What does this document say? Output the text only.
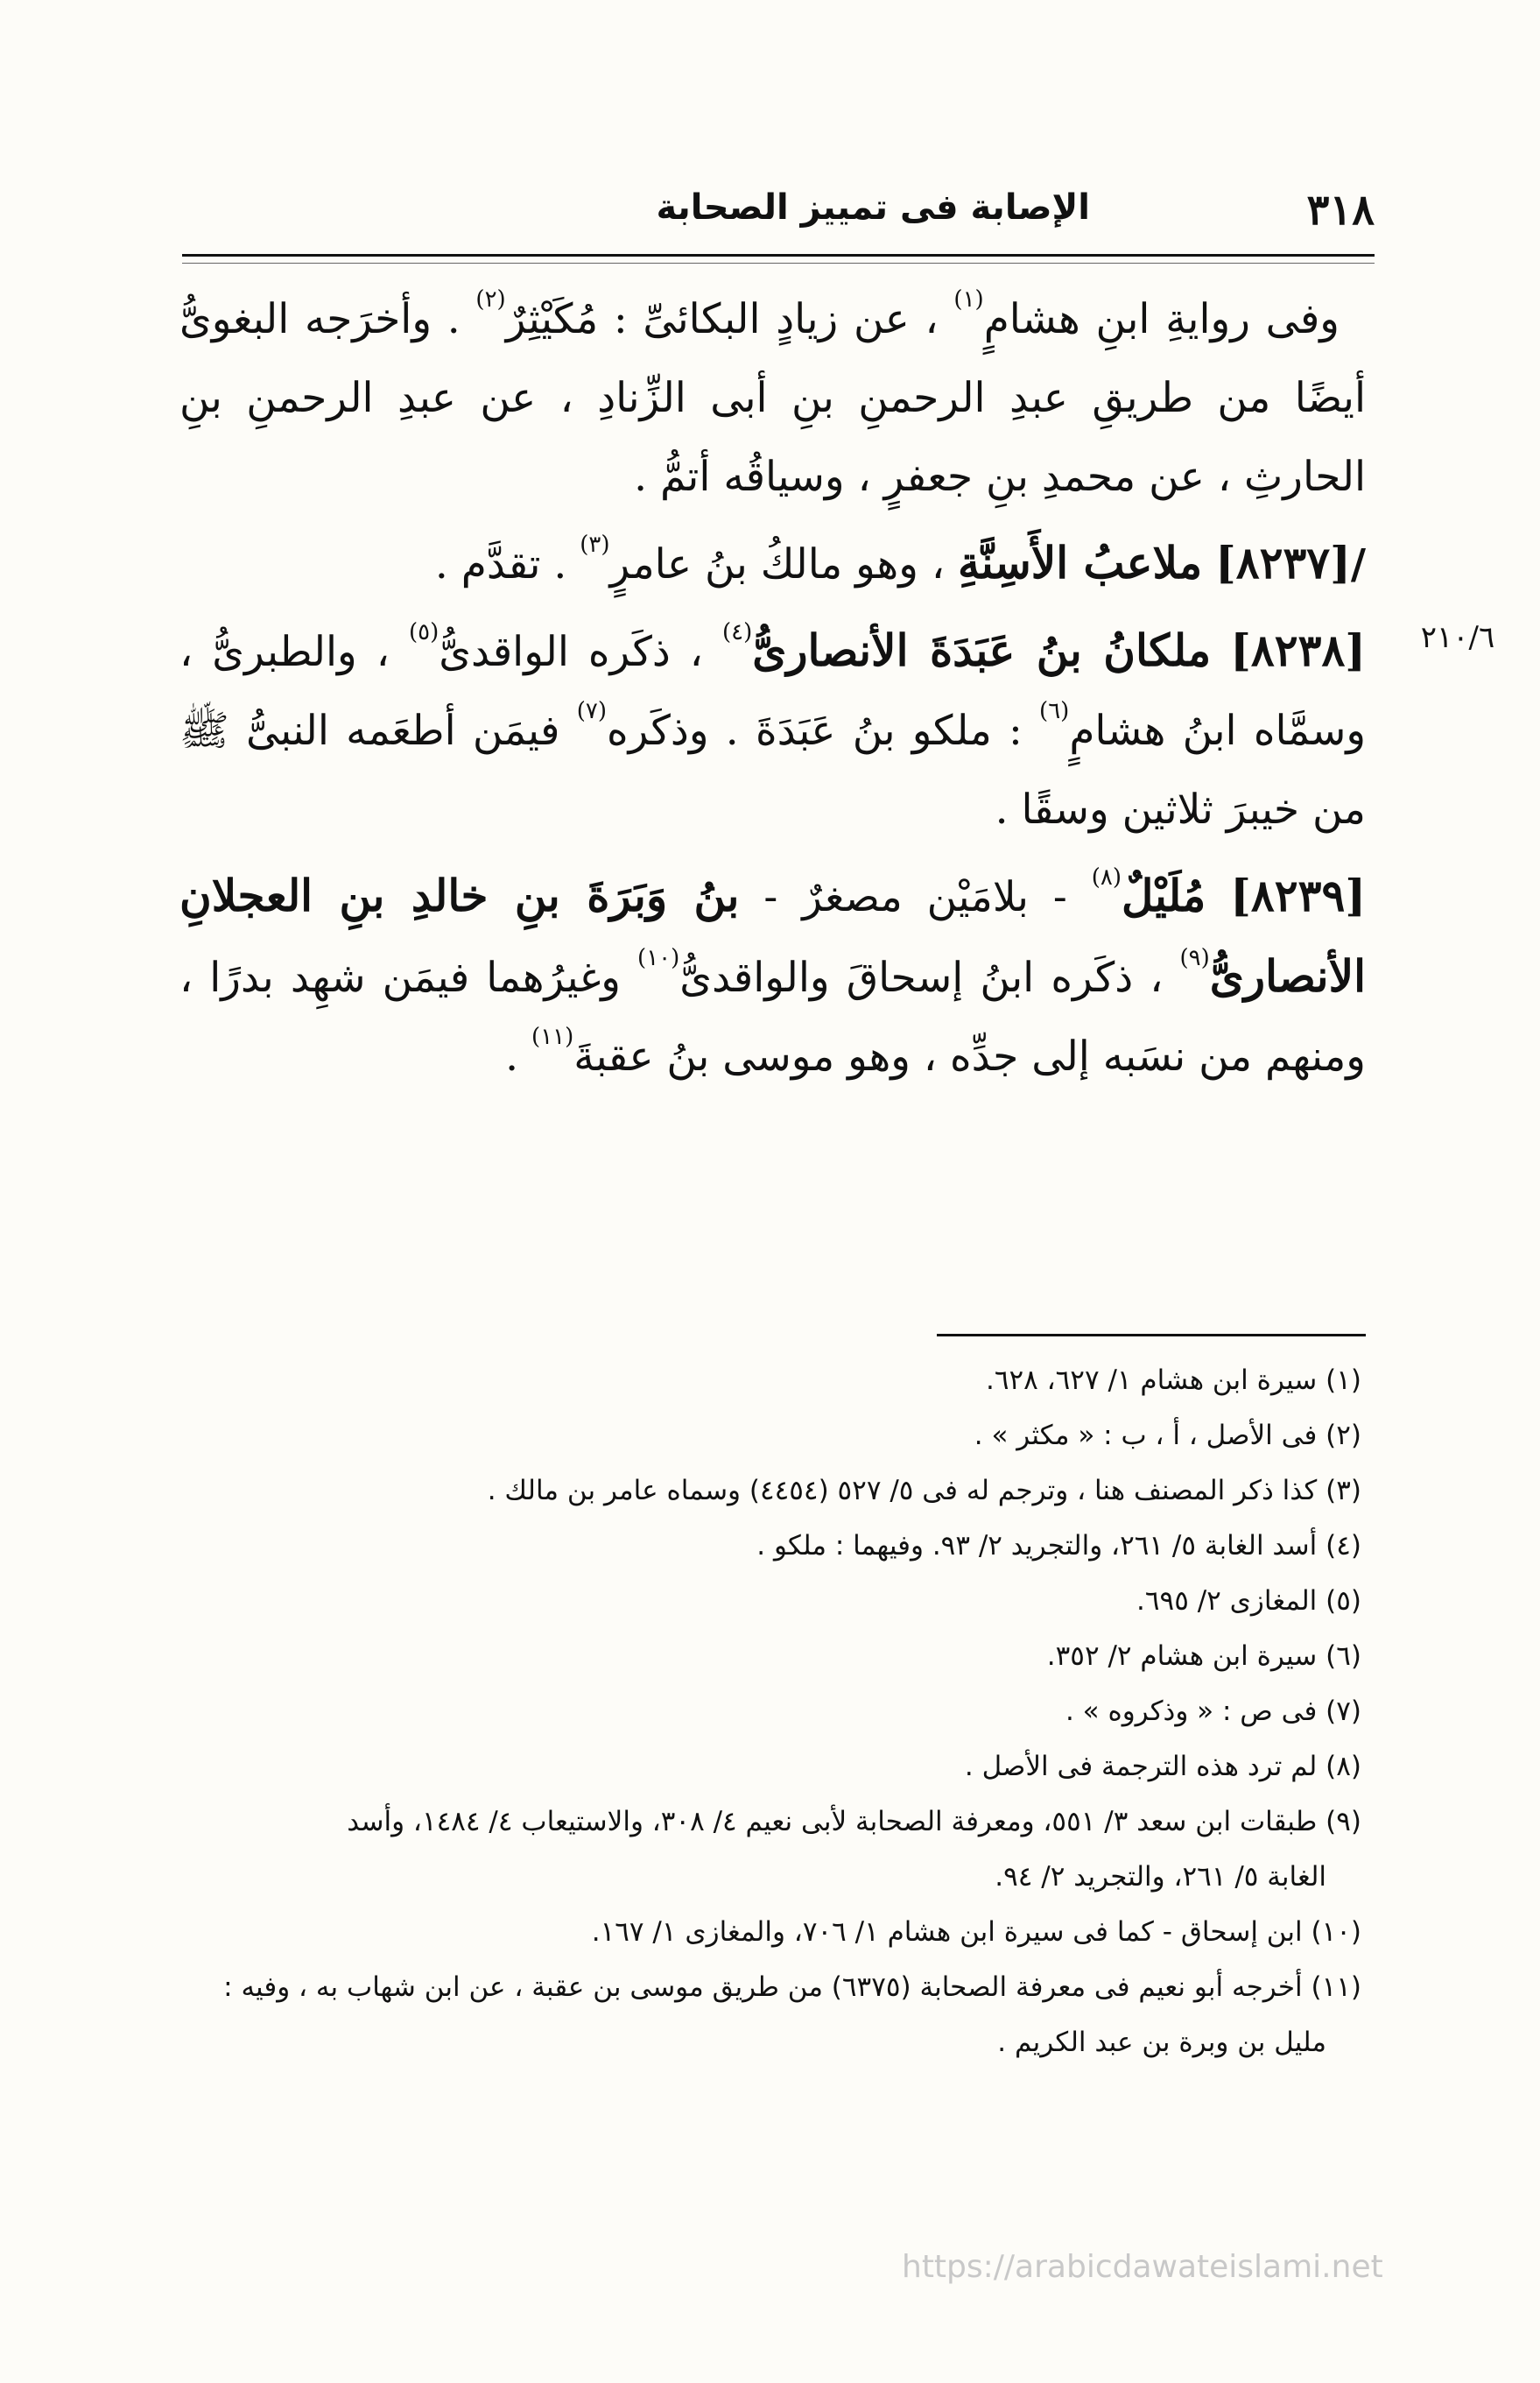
٣١٨
الإصابة فى تمييز الصحابة
٢١٠/٦

وفى روايةِ ابنِ هشامٍ$^{(١)}$ ، عن زيادٍ البكائىِّ : مُكَيْثِرٌ$^{(٢)}$ . وأخرَجه البغوىُّ أيضًا من طريقِ عبدِ الرحمنِ بنِ أبى الزِّنادِ ، عن عبدِ الرحمنِ بنِ الحارثِ ، عن محمدِ بنِ جعفرٍ ، وسياقُه أتمُّ .

/[٨٢٣٧] ملاعبُ الأَسِنَّةِ ، وهو مالكُ بنُ عامرٍ$^{(٣)}$ . تقدَّم .

[٨٢٣٨] ملكانُ بنُ عَبَدَةَ الأنصارىُّ$^{(٤)}$ ، ذكَره الواقدىُّ$^{(٥)}$ ، والطبرىُّ ، وسمَّاه ابنُ هشامٍ$^{(٦)}$ : ملكو بنُ عَبَدَةَ . وذكَره$^{(٧)}$ فيمَن أطعَمه النبىُّ ﷺ من خيبرَ ثلاثين وسقًا .

[٨٢٣٩] مُلَيْلٌ$^{(٨)}$ - بلامَيْن مصغرٌ - بنُ وَبَرَةَ بنِ خالدِ بنِ العجلانِ الأنصارىُّ$^{(٩)}$ ، ذكَره ابنُ إسحاقَ والواقدىُّ$^{(١٠)}$ وغيرُهما فيمَن شهِد بدرًا ، ومنهم من نسَبه إلى جدِّه ، وهو موسى بنُ عقبةَ$^{(١١)}$ .

(١) سيرة ابن هشام ١/ ٦٢٧، ٦٢٨.

(٢) فى الأصل ، أ ، ب : « مكثر » .

(٣) كذا ذكر المصنف هنا ، وترجم له فى ٥/ ٥٢٧ (٤٤٥٤) وسماه عامر بن مالك .

(٤) أسد الغابة ٥/ ٢٦١، والتجريد ٢/ ٩٣. وفيهما : ملكو .

(٥) المغازى ٢/ ٦٩٥.

(٦) سيرة ابن هشام ٢/ ٣٥٢.

(٧) فى ص : « وذكروه » .

(٨) لم ترد هذه الترجمة فى الأصل .

(٩) طبقات ابن سعد ٣/ ٥٥١، ومعرفة الصحابة لأبى نعيم ٤/ ٣٠٨، والاستيعاب ٤/ ١٤٨٤، وأسد

الغابة ٥/ ٢٦١، والتجريد ٢/ ٩٤.

(١٠) ابن إسحاق - كما فى سيرة ابن هشام ١/ ٧٠٦، والمغازى ١/ ١٦٧.

(١١) أخرجه أبو نعيم فى معرفة الصحابة (٦٣٧٥) من طريق موسى بن عقبة ، عن ابن شهاب به ، وفيه :

مليل بن وبرة بن عبد الكريم .

https://arabicdawateislami.net
